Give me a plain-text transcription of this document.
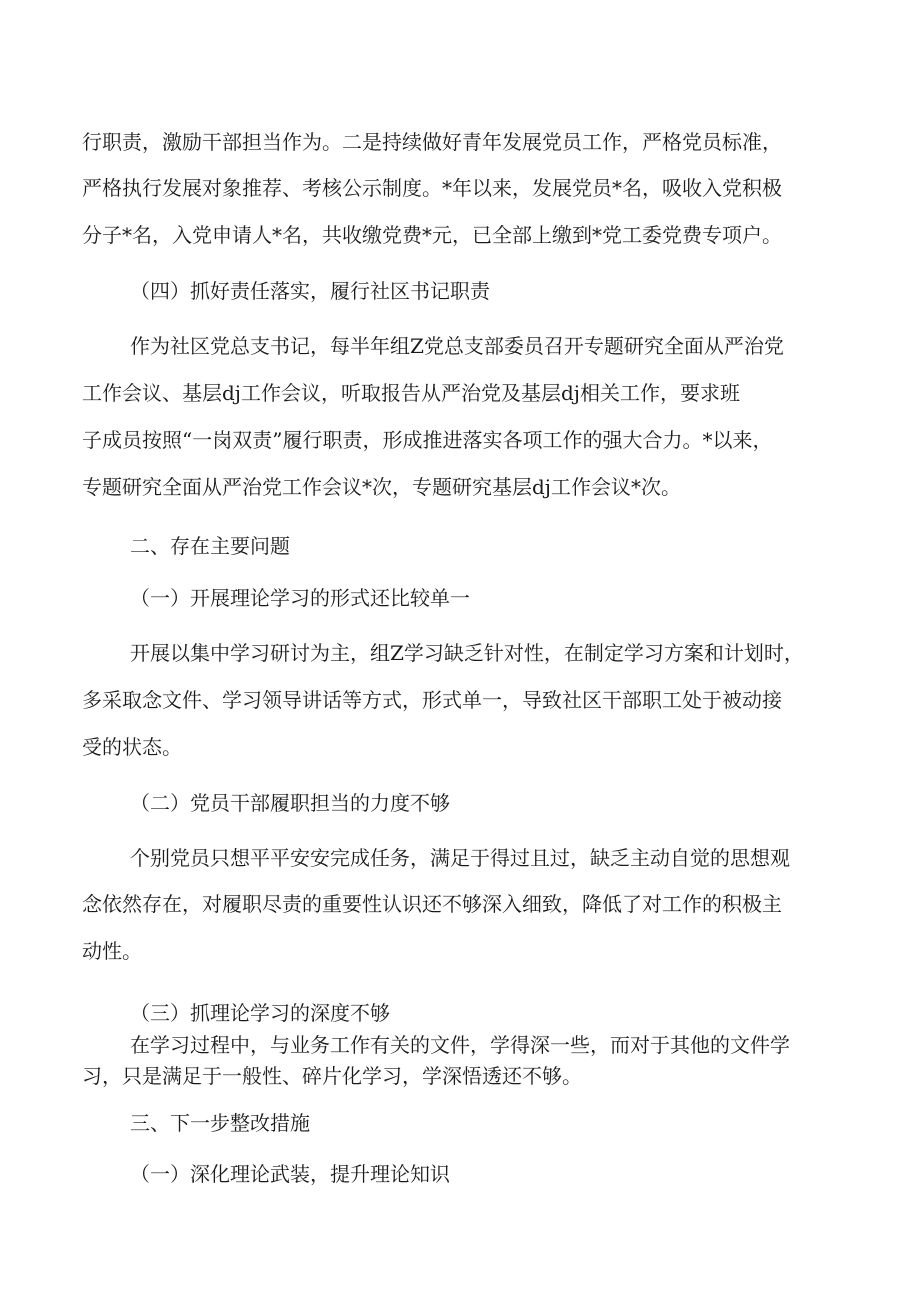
行职责，激励干部担当作为。二是持续做好青年发展党员工作，严格党员标准，
严格执行发展对象推荐、考核公示制度。*年以来，发展党员*名，吸收入党积极
分子*名，入党申请人*名，共收缴党费*元，已全部上缴到*党工委党费专项户。
（四）抓好责任落实，履行社区书记职责
作为社区党总支书记，每半年组Z党总支部委员召开专题研究全面从严治党
工作会议、基层dj工作会议，听取报告从严治党及基层dj相关工作，要求班
子成员按照“一岗双责”履行职责，形成推进落实各项工作的强大合力。*以来，
专题研究全面从严治党工作会议*次，专题研究基层dj工作会议*次。
二、存在主要问题
（一）开展理论学习的形式还比较单一
开展以集中学习研讨为主，组Z学习缺乏针对性，在制定学习方案和计划时，
多采取念文件、学习领导讲话等方式，形式单一，导致社区干部职工处于被动接
受的状态。
（二）党员干部履职担当的力度不够
个别党员只想平平安安完成任务，满足于得过且过，缺乏主动自觉的思想观
念依然存在，对履职尽责的重要性认识还不够深入细致，降低了对工作的积极主
动性。
（三）抓理论学习的深度不够
在学习过程中，与业务工作有关的文件，学得深一些，而对于其他的文件学
习，只是满足于一般性、碎片化学习，学深悟透还不够。
三、下一步整改措施
（一）深化理论武装，提升理论知识
